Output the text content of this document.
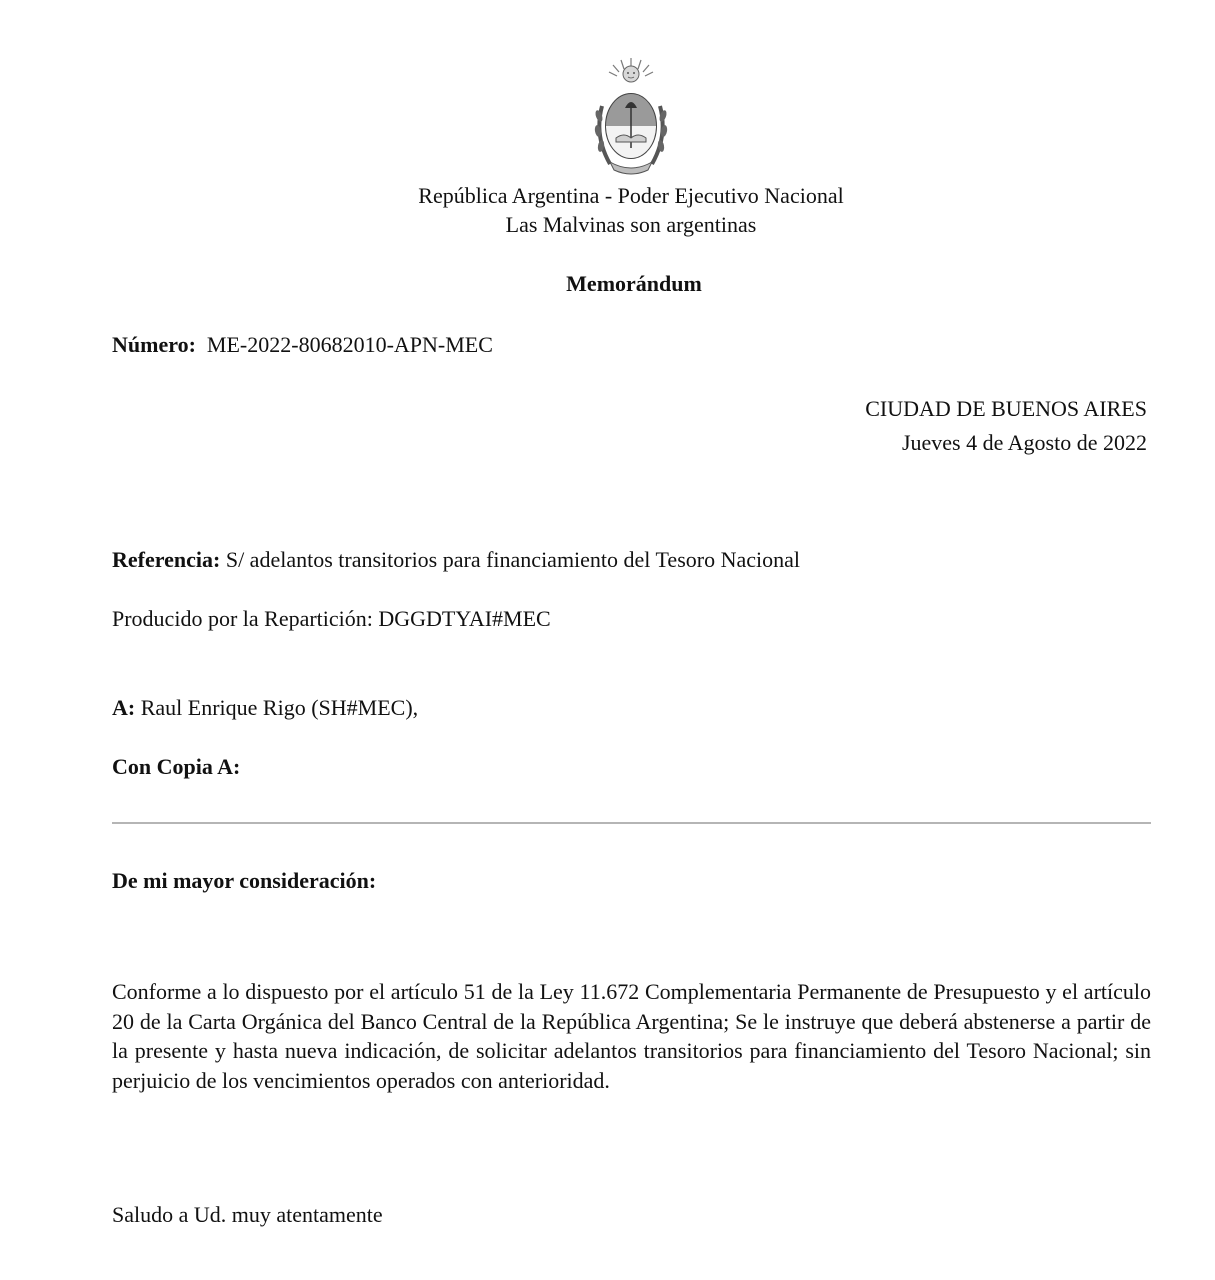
República Argentina - Poder Ejecutivo Nacional
Las Malvinas son argentinas
Memorándum
Número: ME-2022-80682010-APN-MEC
CIUDAD DE BUENOS AIRES
Jueves 4 de Agosto de 2022
Referencia: S/ adelantos transitorios para financiamiento del Tesoro Nacional
Producido por la Repartición: DGGDTYAI#MEC
A: Raul Enrique Rigo (SH#MEC),
Con Copia A:
De mi mayor consideración:
Conforme a lo dispuesto por el artículo 51 de la Ley 11.672 Complementaria Permanente de Presupuesto y el artículo 20 de la Carta Orgánica del Banco Central de la República Argentina; Se le instruye que deberá abstenerse a partir de la presente y hasta nueva indicación, de solicitar adelantos transitorios para financiamiento del Tesoro Nacional; sin perjuicio de los vencimientos operados con anterioridad.
Saludo a Ud. muy atentamente
